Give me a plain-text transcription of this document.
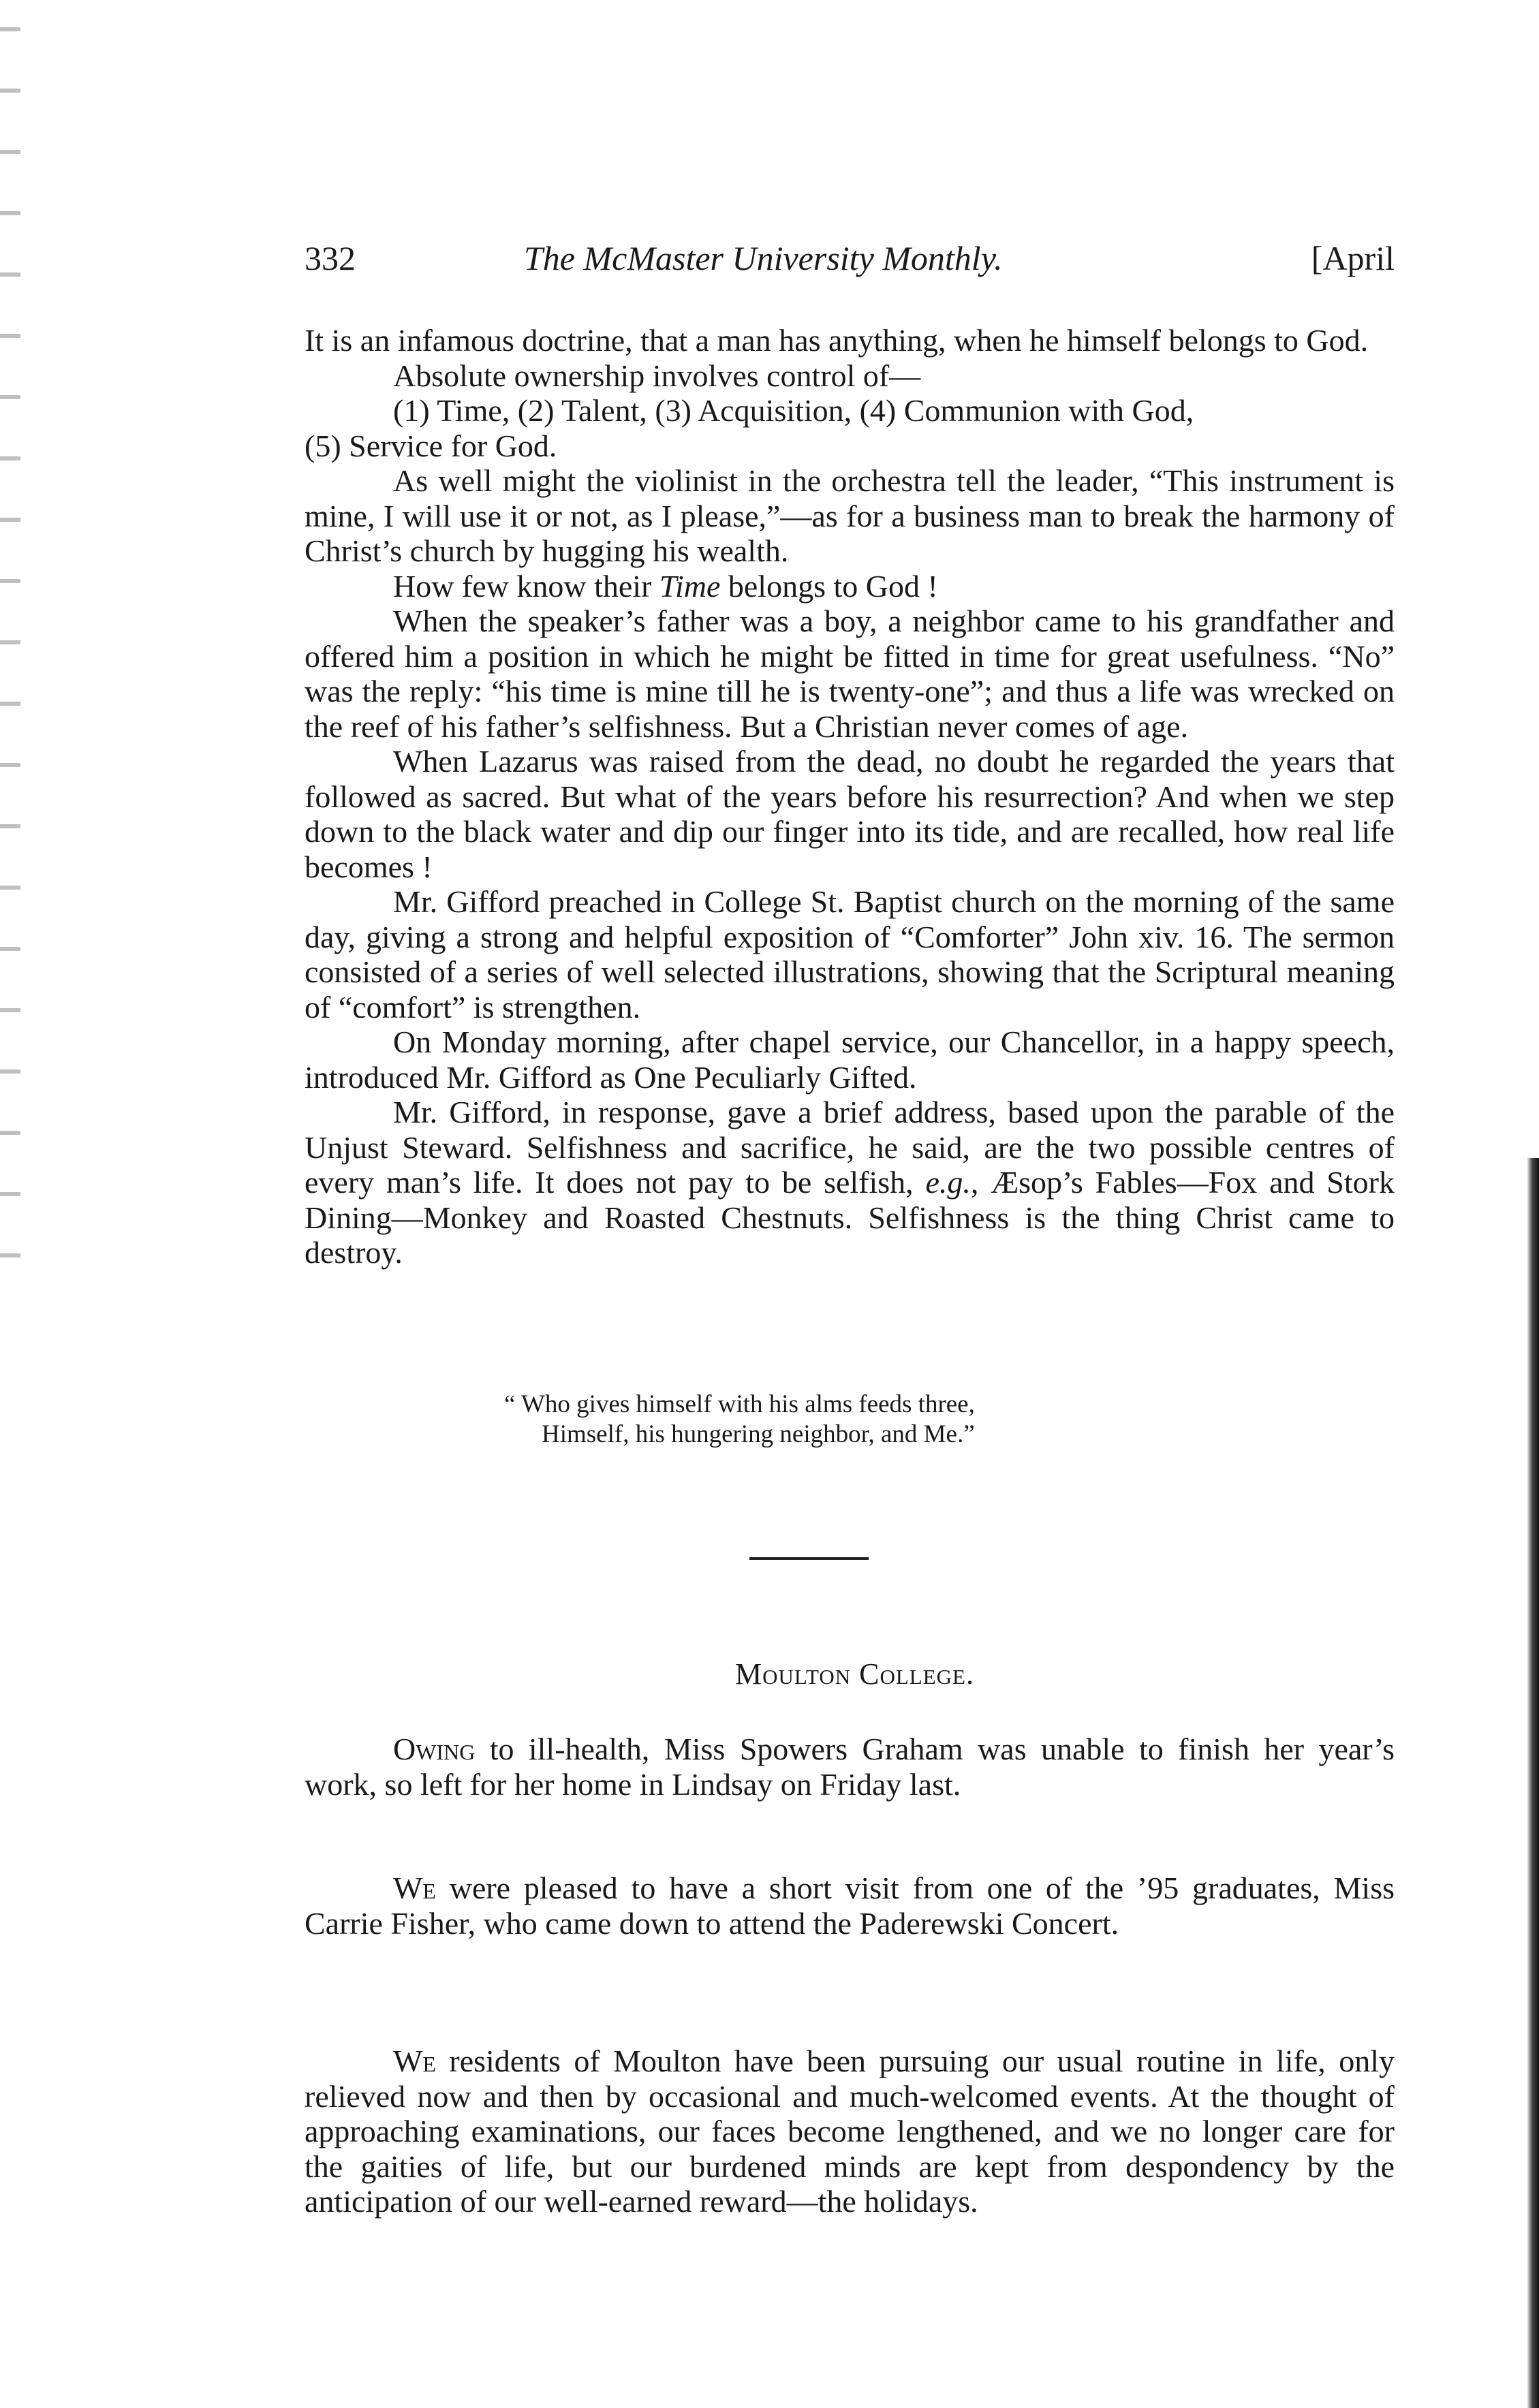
332	The McMaster University Monthly.	[April

It is an infamous doctrine, that a man has anything, when he himself belongs to God.

Absolute ownership involves control of—

(1) Time, (2) Talent, (3) Acquisition, (4) Communion with God,

(5) Service for God.

As well might the violinist in the orchestra tell the leader, “This instrument is mine, I will use it or not, as I please,”—as for a business man to break the harmony of Christ’s church by hugging his wealth.

How few know their Time belongs to God !

When the speaker’s father was a boy, a neighbor came to his grandfather and offered him a position in which he might be fitted in time for great usefulness. “No” was the reply: “his time is mine till he is twenty-one”; and thus a life was wrecked on the reef of his father’s selfishness. But a Christian never comes of age.

When Lazarus was raised from the dead, no doubt he regarded the years that followed as sacred. But what of the years before his resurrection? And when we step down to the black water and dip our finger into its tide, and are recalled, how real life becomes !

Mr. Gifford preached in College St. Baptist church on the morning of the same day, giving a strong and helpful exposition of “Comforter” John xiv. 16. The sermon consisted of a series of well selected illustrations, showing that the Scriptural meaning of “comfort” is strengthen.

On Monday morning, after chapel service, our Chancellor, in a happy speech, introduced Mr. Gifford as One Peculiarly Gifted.

Mr. Gifford, in response, gave a brief address, based upon the parable of the Unjust Steward. Selfishness and sacrifice, he said, are the two possible centres of every man’s life. It does not pay to be selfish, e.g., Æsop’s Fables—Fox and Stork Dining—Monkey and Roasted Chestnuts. Selfishness is the thing Christ came to destroy.

“ Who gives himself with his alms feeds three,
Himself, his hungering neighbor, and Me.”
Moulton College.

Owing to ill-health, Miss Spowers Graham was unable to finish her year’s work, so left for her home in Lindsay on Friday last.

We were pleased to have a short visit from one of the ’95 graduates, Miss Carrie Fisher, who came down to attend the Paderewski Concert.

We residents of Moulton have been pursuing our usual routine in life, only relieved now and then by occasional and much-welcomed events. At the thought of approaching examinations, our faces become lengthened, and we no longer care for the gaities of life, but our burdened minds are kept from despondency by the anticipation of our well-earned reward—the holidays.
